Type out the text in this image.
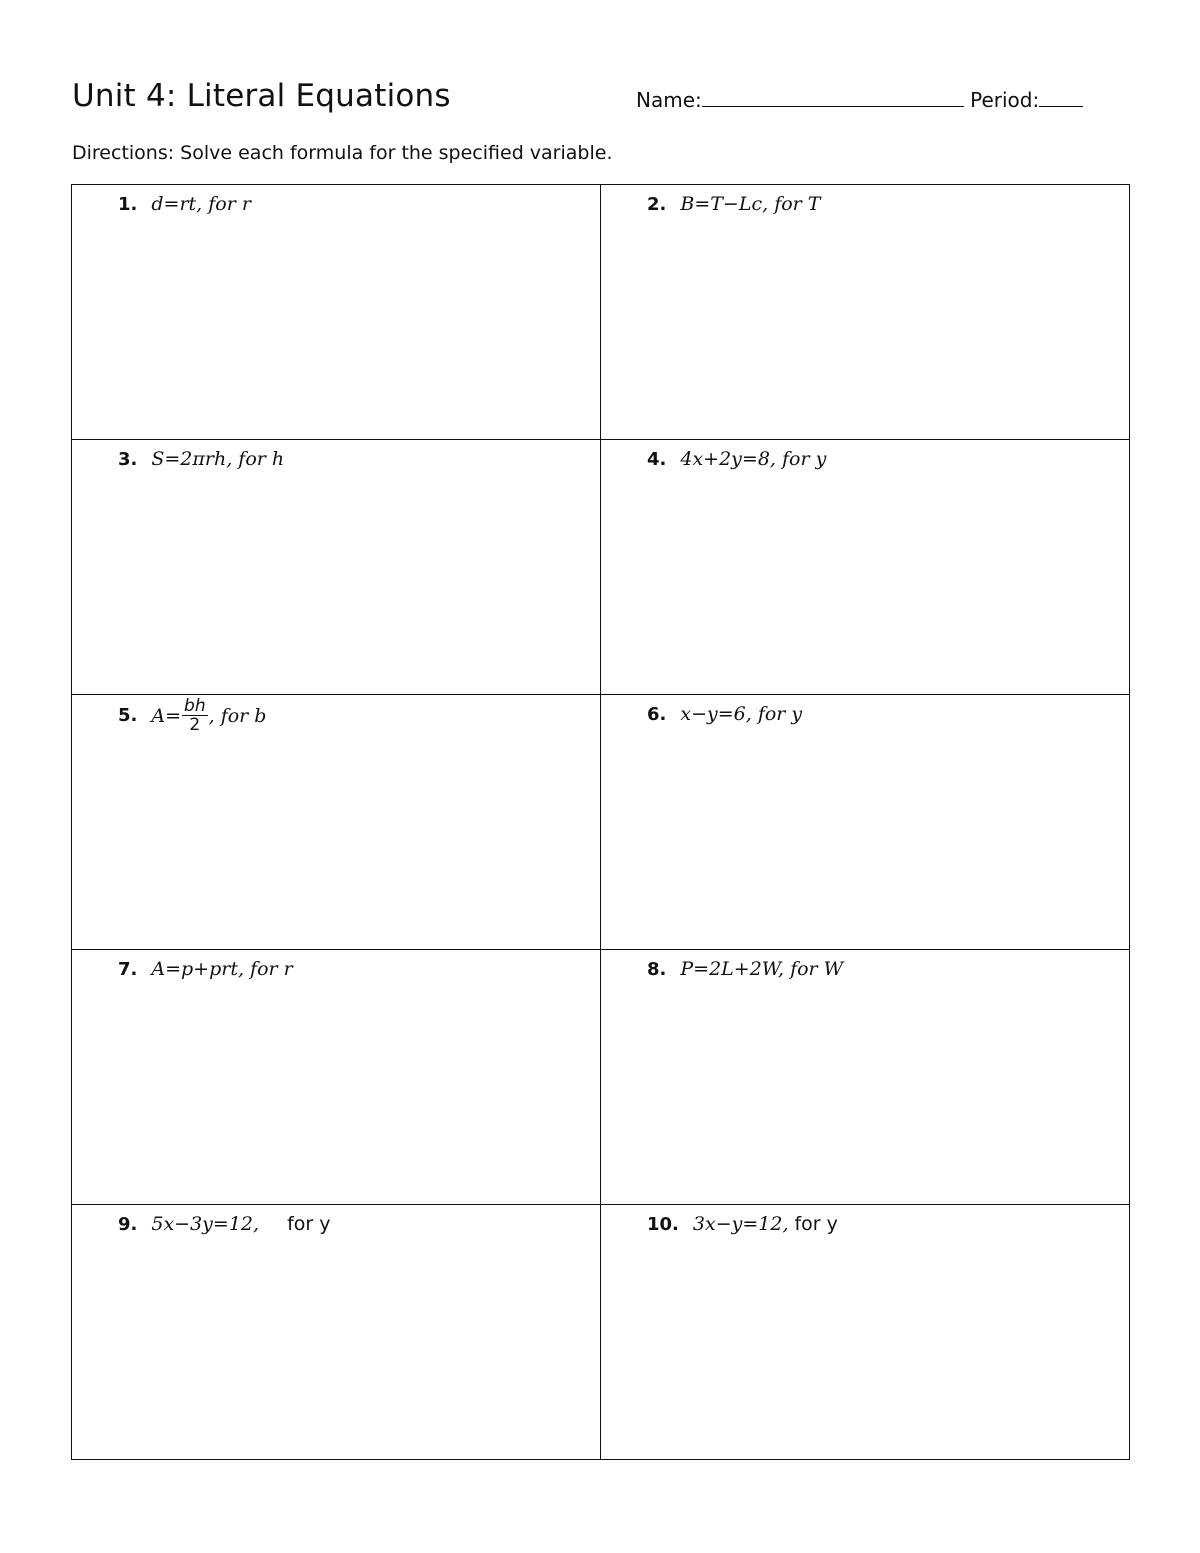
Unit 4: Literal Equations	Name:	Period:
Directions: Solve each formula for the specified variable.
1. d=rt, for r	2. B=T−Lc, for T

3. S=2πrh, for h	4. 4x+2y=8, for y

5. $A= \frac{bh}{2}$ , for b	6. x−y=6, for y

7. A=p+prt, for r	8. P=2L+2W, for W

9. 5x−3y=12, for y	10. 3x−y=12, for y
